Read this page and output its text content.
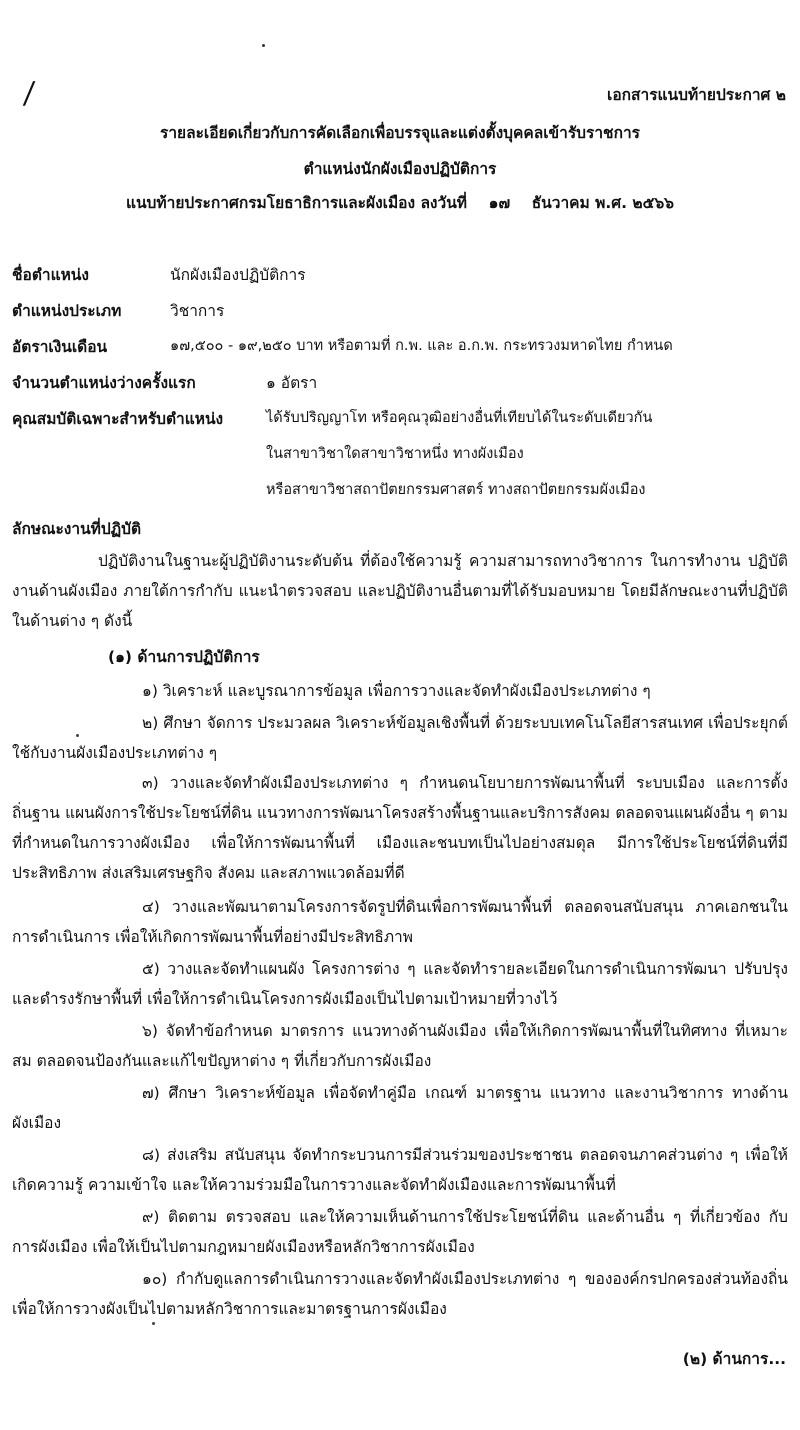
/	เอกสารแนบท้ายประกาศ ๒
รายละเอียดเกี่ยวกับการคัดเลือกเพื่อบรรจุและแต่งตั้งบุคคลเข้ารับราชการ
ตำแหน่งนักผังเมืองปฏิบัติการ
แนบท้ายประกาศกรมโยธาธิการและผังเมือง ลงวันที่ ๑๗ ธันวาคม พ.ศ. ๒๕๖๖
ชื่อตำแหน่ง	นักผังเมืองปฏิบัติการ
ตำแหน่งประเภท	วิชาการ
อัตราเงินเดือน	๑๗,๕๐๐ - ๑๙,๒๕๐ บาท หรือตามที่ ก.พ. และ อ.ก.พ. กระทรวงมหาดไทย กำหนด
จำนวนตำแหน่งว่างครั้งแรก	๑ อัตรา
คุณสมบัติเฉพาะสำหรับตำแหน่ง	ได้รับปริญญาโท หรือคุณวุฒิอย่างอื่นที่เทียบได้ในระดับเดียวกัน
ในสาขาวิชาใดสาขาวิชาหนึ่ง ทางผังเมือง
หรือสาขาวิชาสถาปัตยกรรมศาสตร์ ทางสถาปัตยกรรมผังเมือง
ลักษณะงานที่ปฏิบัติ
ปฏิบัติงานในฐานะผู้ปฏิบัติงานระดับต้น ที่ต้องใช้ความรู้ ความสามารถทางวิชาการ ในการทำงาน ปฏิบัติงานด้านผังเมือง ภายใต้การกำกับ แนะนำตรวจสอบ และปฏิบัติงานอื่นตามที่ได้รับมอบหมาย โดยมีลักษณะงานที่ปฏิบัติในด้านต่าง ๆ ดังนี้
(๑) ด้านการปฏิบัติการ
๑) วิเคราะห์ และบูรณาการข้อมูล เพื่อการวางและจัดทำผังเมืองประเภทต่าง ๆ
๒) ศึกษา จัดการ ประมวลผล วิเคราะห์ข้อมูลเชิงพื้นที่ ด้วยระบบเทคโนโลยีสารสนเทศ เพื่อประยุกต์ใช้กับงานผังเมืองประเภทต่าง ๆ
๓) วางและจัดทำผังเมืองประเภทต่าง ๆ กำหนดนโยบายการพัฒนาพื้นที่ ระบบเมือง และการตั้งถิ่นฐาน แผนผังการใช้ประโยชน์ที่ดิน แนวทางการพัฒนาโครงสร้างพื้นฐานและบริการสังคม ตลอดจนแผนผังอื่น ๆ ตามที่กำหนดในการวางผังเมือง เพื่อให้การพัฒนาพื้นที่ เมืองและชนบทเป็นไปอย่างสมดุล มีการใช้ประโยชน์ที่ดินที่มีประสิทธิภาพ ส่งเสริมเศรษฐกิจ สังคม และสภาพแวดล้อมที่ดี
๔) วางและพัฒนาตามโครงการจัดรูปที่ดินเพื่อการพัฒนาพื้นที่ ตลอดจนสนับสนุน ภาคเอกชนในการดำเนินการ เพื่อให้เกิดการพัฒนาพื้นที่อย่างมีประสิทธิภาพ
๕) วางและจัดทำแผนผัง โครงการต่าง ๆ และจัดทำรายละเอียดในการดำเนินการพัฒนา ปรับปรุง และดำรงรักษาพื้นที่ เพื่อให้การดำเนินโครงการผังเมืองเป็นไปตามเป้าหมายที่วางไว้
๖) จัดทำข้อกำหนด มาตรการ แนวทางด้านผังเมือง เพื่อให้เกิดการพัฒนาพื้นที่ในทิศทาง ที่เหมาะสม ตลอดจนป้องกันและแก้ไขปัญหาต่าง ๆ ที่เกี่ยวกับการผังเมือง
๗) ศึกษา วิเคราะห์ข้อมูล เพื่อจัดทำคู่มือ เกณฑ์ มาตรฐาน แนวทาง และงานวิชาการ ทางด้านผังเมือง
๘) ส่งเสริม สนับสนุน จัดทำกระบวนการมีส่วนร่วมของประชาชน ตลอดจนภาคส่วนต่าง ๆ เพื่อให้เกิดความรู้ ความเข้าใจ และให้ความร่วมมือในการวางและจัดทำผังเมืองและการพัฒนาพื้นที่
๙) ติดตาม ตรวจสอบ และให้ความเห็นด้านการใช้ประโยชน์ที่ดิน และด้านอื่น ๆ ที่เกี่ยวข้อง กับการผังเมือง เพื่อให้เป็นไปตามกฎหมายผังเมืองหรือหลักวิชาการผังเมือง
๑๐) กำกับดูแลการดำเนินการวางและจัดทำผังเมืองประเภทต่าง ๆ ขององค์กรปกครองส่วนท้องถิ่น เพื่อให้การวางผังเป็นไปตามหลักวิชาการและมาตรฐานการผังเมือง
(๒) ด้านการ...
